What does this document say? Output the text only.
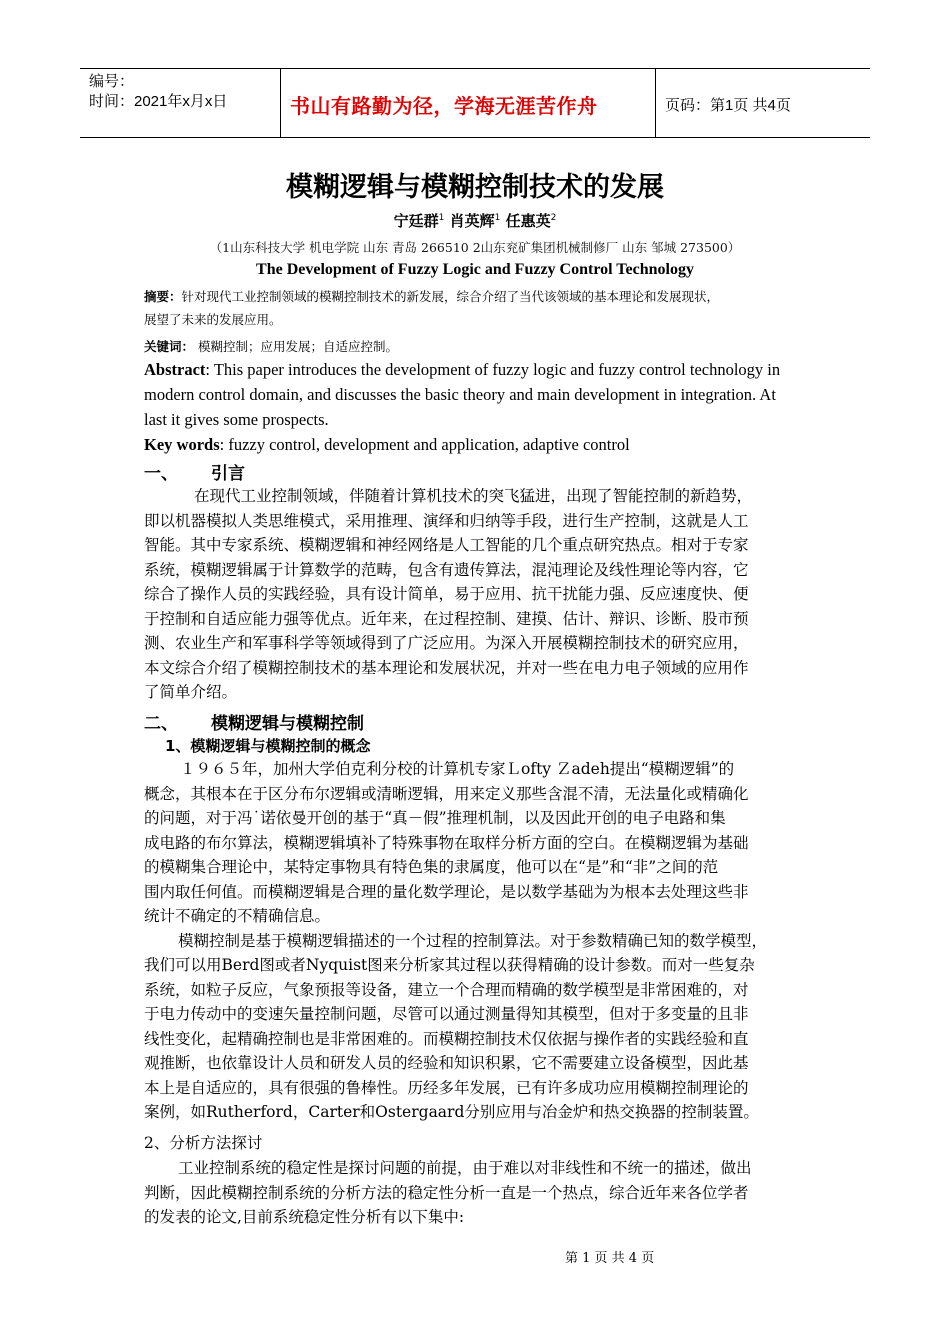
编号：
时间：2021年x月x日	书山有路勤为径，学海无涯苦作舟	页码：第1页 共4页
模糊逻辑与模糊控制技术的发展
宁廷群$^1$ 肖英辉$^1$ 任惠英$^2$
（1山东科技大学 机电学院 山东 青岛 266510 2山东兖矿集团机械制修厂 山东 邹城 273500）
The Development of Fuzzy Logic and Fuzzy Control Technology
摘要：针对现代工业控制领域的模糊控制技术的新发展，综合介绍了当代该领域的基本理论和发展现状，
展望了未来的发展应用。
关键词： 模糊控制；应用发展；自适应控制。
Abstract: This paper introduces the development of fuzzy logic and fuzzy control technology in
modern control domain, and discusses the basic theory and main development in integration. At
last it gives some prospects.
Key words: fuzzy control, development and application, adaptive control
一、 引言
在现代工业控制领域，伴随着计算机技术的突飞猛进，出现了智能控制的新趋势，
即以机器模拟人类思维模式，采用推理、演绎和归纳等手段，进行生产控制，这就是人工
智能。其中专家系统、模糊逻辑和神经网络是人工智能的几个重点研究热点。相对于专家
系统，模糊逻辑属于计算数学的范畴，包含有遗传算法，混沌理论及线性理论等内容，它
综合了操作人员的实践经验，具有设计简单，易于应用、抗干扰能力强、反应速度快、便
于控制和自适应能力强等优点。近年来，在过程控制、建摸、估计、辩识、诊断、股市预
测、农业生产和军事科学等领域得到了广泛应用。为深入开展模糊控制技术的研究应用，
本文综合介绍了模糊控制技术的基本理论和发展状况，并对一些在电力电子领域的应用作
了简单介绍。
二、 模糊逻辑与模糊控制
1、模糊逻辑与模糊控制的概念
１９６５年，加州大学伯克利分校的计算机专家Ｌofty Ｚadeh提出“模糊逻辑”的
概念，其根本在于区分布尔逻辑或清晰逻辑，用来定义那些含混不清，无法量化或精确化
的问题，对于冯˙诺依曼开创的基于“真－假”推理机制，以及因此开创的电子电路和集
成电路的布尔算法，模糊逻辑填补了特殊事物在取样分析方面的空白。在模糊逻辑为基础
的模糊集合理论中，某特定事物具有特色集的隶属度，他可以在“是”和“非”之间的范
围内取任何值。而模糊逻辑是合理的量化数学理论，是以数学基础为为根本去处理这些非
统计不确定的不精确信息。
模糊控制是基于模糊逻辑描述的一个过程的控制算法。对于参数精确已知的数学模型，
我们可以用Berd图或者Nyquist图来分析家其过程以获得精确的设计参数。而对一些复杂
系统，如粒子反应，气象预报等设备，建立一个合理而精确的数学模型是非常困难的，对
于电力传动中的变速矢量控制问题，尽管可以通过测量得知其模型，但对于多变量的且非
线性变化，起精确控制也是非常困难的。而模糊控制技术仅依据与操作者的实践经验和直
观推断，也依靠设计人员和研发人员的经验和知识积累，它不需要建立设备模型，因此基
本上是自适应的，具有很强的鲁棒性。历经多年发展，已有许多成功应用模糊控制理论的
案例，如Rutherford，Carter和Ostergaard分别应用与冶金炉和热交换器的控制装置。
2、分析方法探讨
工业控制系统的稳定性是探讨问题的前提，由于难以对非线性和不统一的描述，做出
判断，因此模糊控制系统的分析方法的稳定性分析一直是一个热点，综合近年来各位学者
的发表的论文,目前系统稳定性分析有以下集中:
第 1 页 共 4 页
